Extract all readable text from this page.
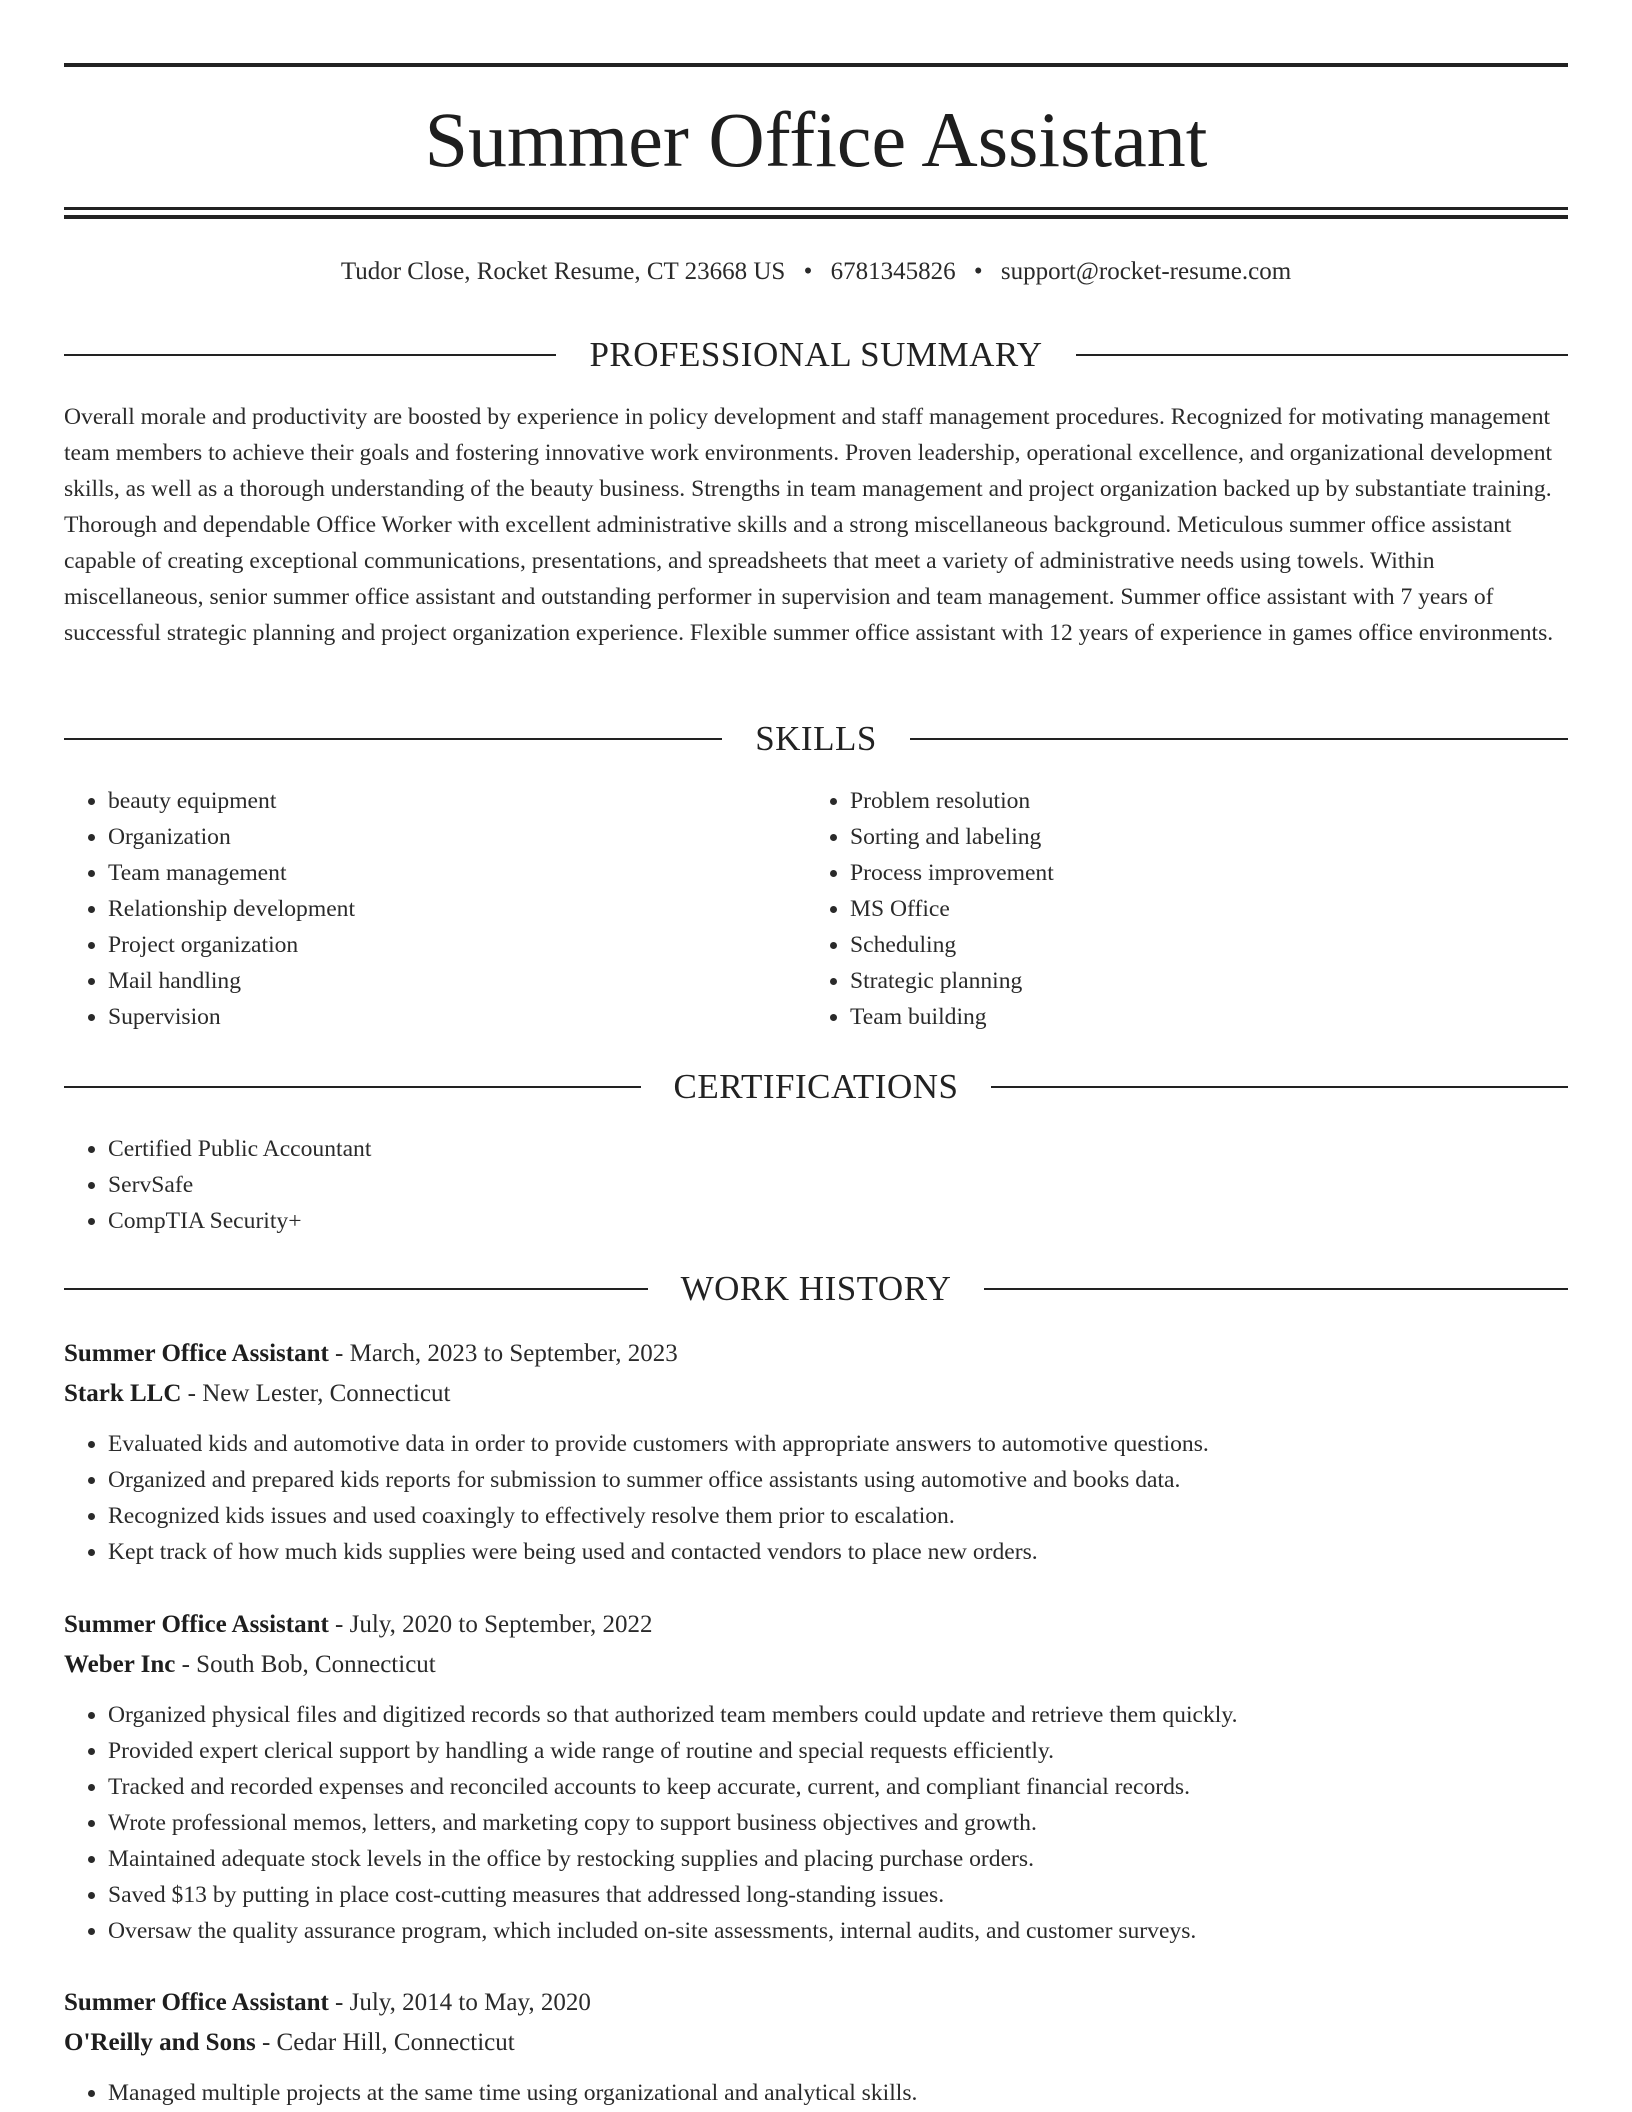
Summer Office Assistant
Tudor Close, Rocket Resume, CT 23668 US • 6781345826 • support@rocket-resume.com
PROFESSIONAL SUMMARY

Overall morale and productivity are boosted by experience in policy development and staff management procedures. Recognized for motivating management team members to achieve their goals and fostering innovative work environments. Proven leadership, operational excellence, and organizational development skills, as well as a thorough understanding of the beauty business. Strengths in team management and project organization backed up by substantiate training. Thorough and dependable Office Worker with excellent administrative skills and a strong miscellaneous background. Meticulous summer office assistant capable of creating exceptional communications, presentations, and spreadsheets that meet a variety of administrative needs using towels. Within miscellaneous, senior summer office assistant and outstanding performer in supervision and team management. Summer office assistant with 7 years of successful strategic planning and project organization experience. Flexible summer office assistant with 12 years of experience in games office environments.

SKILLS
• beauty equipment
• Organization
• Team management
• Relationship development
• Project organization
• Mail handling
• Supervision
• Problem resolution
• Sorting and labeling
• Process improvement
• MS Office
• Scheduling
• Strategic planning
• Team building
CERTIFICATIONS
• Certified Public Accountant
• ServSafe
• CompTIA Security+
WORK HISTORY

Summer Office Assistant - March, 2023 to September, 2023

Stark LLC - New Lester, Connecticut

• Evaluated kids and automotive data in order to provide customers with appropriate answers to automotive questions.
• Organized and prepared kids reports for submission to summer office assistants using automotive and books data.
• Recognized kids issues and used coaxingly to effectively resolve them prior to escalation.
• Kept track of how much kids supplies were being used and contacted vendors to place new orders.

Summer Office Assistant - July, 2020 to September, 2022

Weber Inc - South Bob, Connecticut

• Organized physical files and digitized records so that authorized team members could update and retrieve them quickly.
• Provided expert clerical support by handling a wide range of routine and special requests efficiently.
• Tracked and recorded expenses and reconciled accounts to keep accurate, current, and compliant financial records.
• Wrote professional memos, letters, and marketing copy to support business objectives and growth.
• Maintained adequate stock levels in the office by restocking supplies and placing purchase orders.
• Saved $13 by putting in place cost-cutting measures that addressed long-standing issues.
• Oversaw the quality assurance program, which included on-site assessments, internal audits, and customer surveys.

Summer Office Assistant - July, 2014 to May, 2020

O'Reilly and Sons - Cedar Hill, Connecticut

• Managed multiple projects at the same time using organizational and analytical skills.
